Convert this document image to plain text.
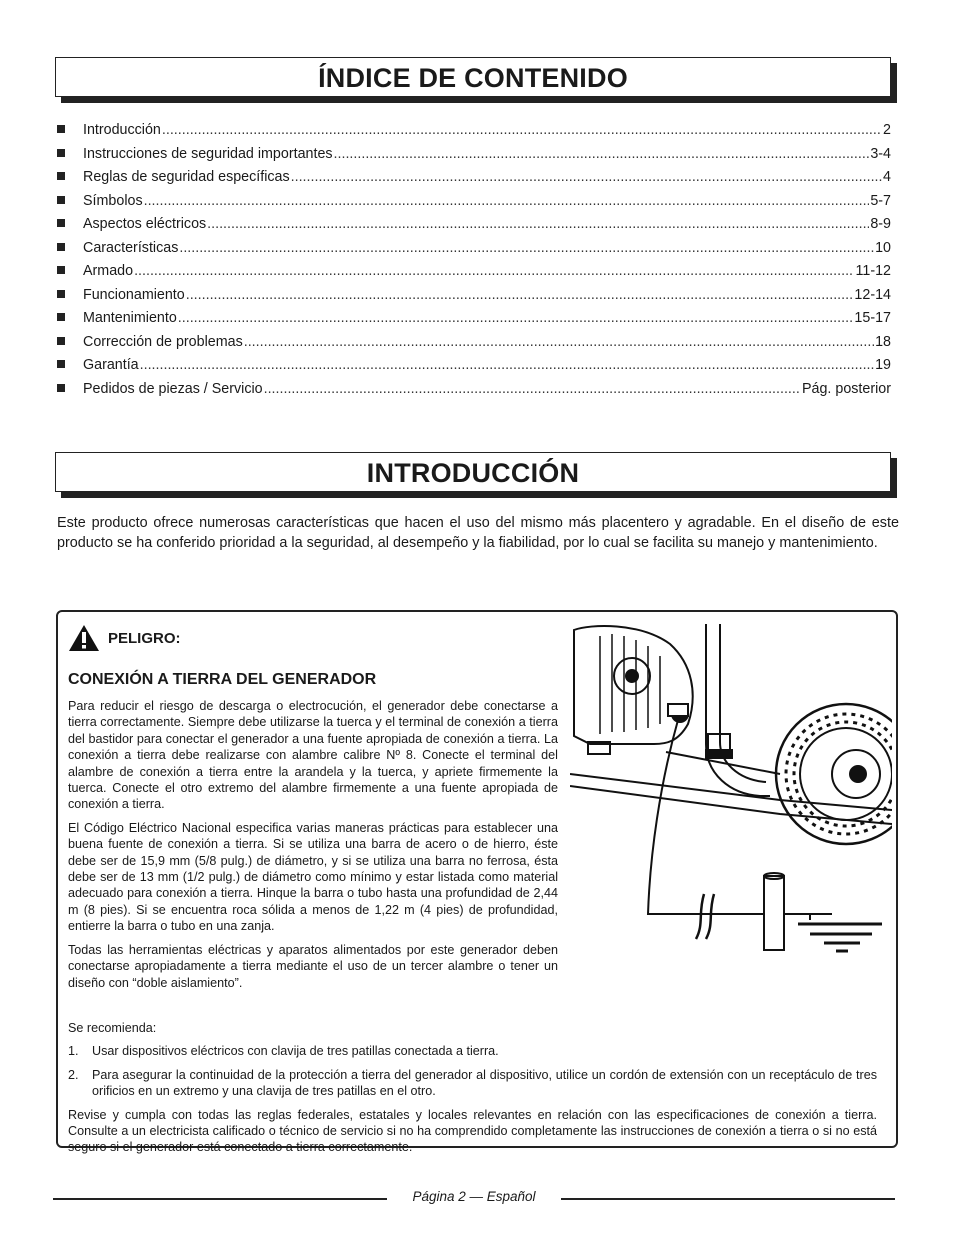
ÍNDICE DE CONTENIDO
Introducción .....	2
Instrucciones de seguridad importantes .....	3-4
Reglas de seguridad específicas .....	4
Símbolos .....	5-7
Aspectos eléctricos .....	8-9
Características .....	10
Armado .....	11-12
Funcionamiento .....	12-14
Mantenimiento .....	15-17
Corrección de problemas .....	18
Garantía .....	19
Pedidos de piezas / Servicio .....	Pág. posterior
INTRODUCCIÓN

Este producto ofrece numerosas características que hacen el uso del mismo más placentero y agradable. En el diseño de este producto se ha conferido prioridad a la seguridad, al desempeño y la fiabilidad, por lo cual se facilita su manejo y mantenimiento.

PELIGRO:
CONEXIÓN A TIERRA DEL GENERADOR

Para reducir el riesgo de descarga o electrocución, el generador debe conectarse a tierra correctamente. Siempre debe utilizarse la tuerca y el terminal de conexión a tierra del bastidor para conectar el generador a una fuente apropiada de conexión a tierra. La conexión a tierra debe realizarse con alambre calibre Nº 8. Conecte el terminal del alambre de conexión a tierra entre la arandela y la tuerca, y apriete firmemente la tuerca. Conecte el otro extremo del alambre firmemente a una fuente apropiada de conexión a tierra.

El Código Eléctrico Nacional especifica varias maneras prácticas para establecer una buena fuente de conexión a tierra. Si se utiliza una barra de acero o de hierro, éste debe ser de 15,9 mm (5/8 pulg.) de diámetro, y si se utiliza una barra no ferrosa, ésta debe ser de 13 mm (1/2 pulg.) de diámetro como mínimo y estar listada como material adecuado para conexión a tierra. Hinque la barra o tubo hasta una profundidad de 2,44 m (8 pies). Si se encuentra roca sólida a menos de 1,22 m (4 pies) de profundidad, entierre la barra o tubo en una zanja.

Todas las herramientas eléctricas y aparatos alimentados por este generador deben conectarse apropiadamente a tierra mediante el uso de un tercer alambre o tener un diseño con “doble aislamiento”.

Se recomienda:

1.	Usar dispositivos eléctricos con clavija de tres patillas conectada a tierra.
2.	Para asegurar la continuidad de la protección a tierra del generador al dispositivo, utilice un cordón de extensión con un receptáculo de tres orificios en un extremo y una clavija de tres patillas en el otro.

Revise y cumpla con todas las reglas federales, estatales y locales relevantes en relación con las especificaciones de conexión a tierra. Consulte a un electricista calificado o técnico de servicio si no ha comprendido completamente las instrucciones de conexión a tierra o si no está seguro si el generador está conectado a tierra correctamente.

Página 2 — Español
